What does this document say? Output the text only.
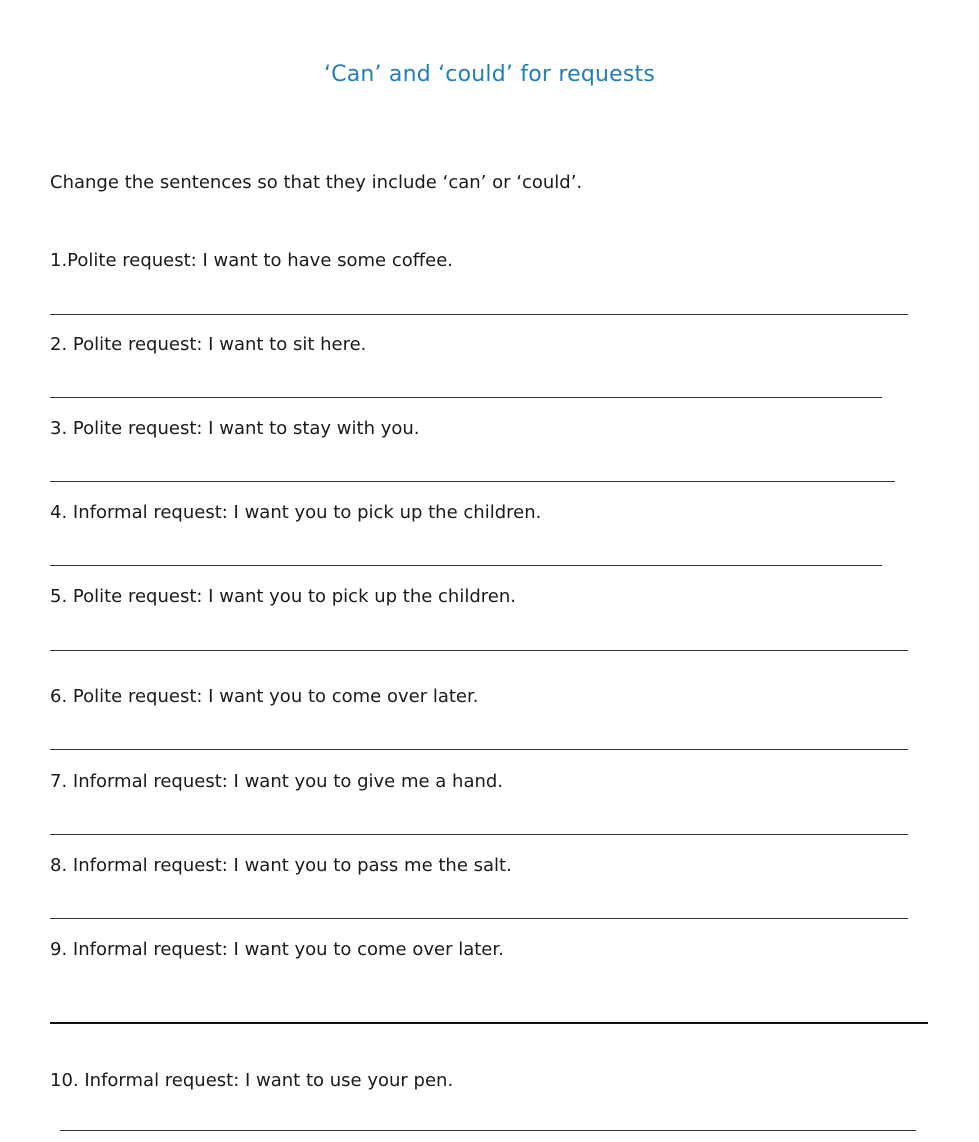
‘Can’ and ‘could’ for requests
Change the sentences so that they include ‘can’ or ‘could’.
1.Polite request: I want to have some coffee.
2. Polite request: I want to sit here.
3. Polite request: I want to stay with you.
4. Informal request: I want you to pick up the children.
5. Polite request: I want you to pick up the children.
6. Polite request: I want you to come over later.
7. Informal request: I want you to give me a hand.
8. Informal request: I want you to pass me the salt.
9. Informal request: I want you to come over later.
10. Informal request: I want to use your pen.
